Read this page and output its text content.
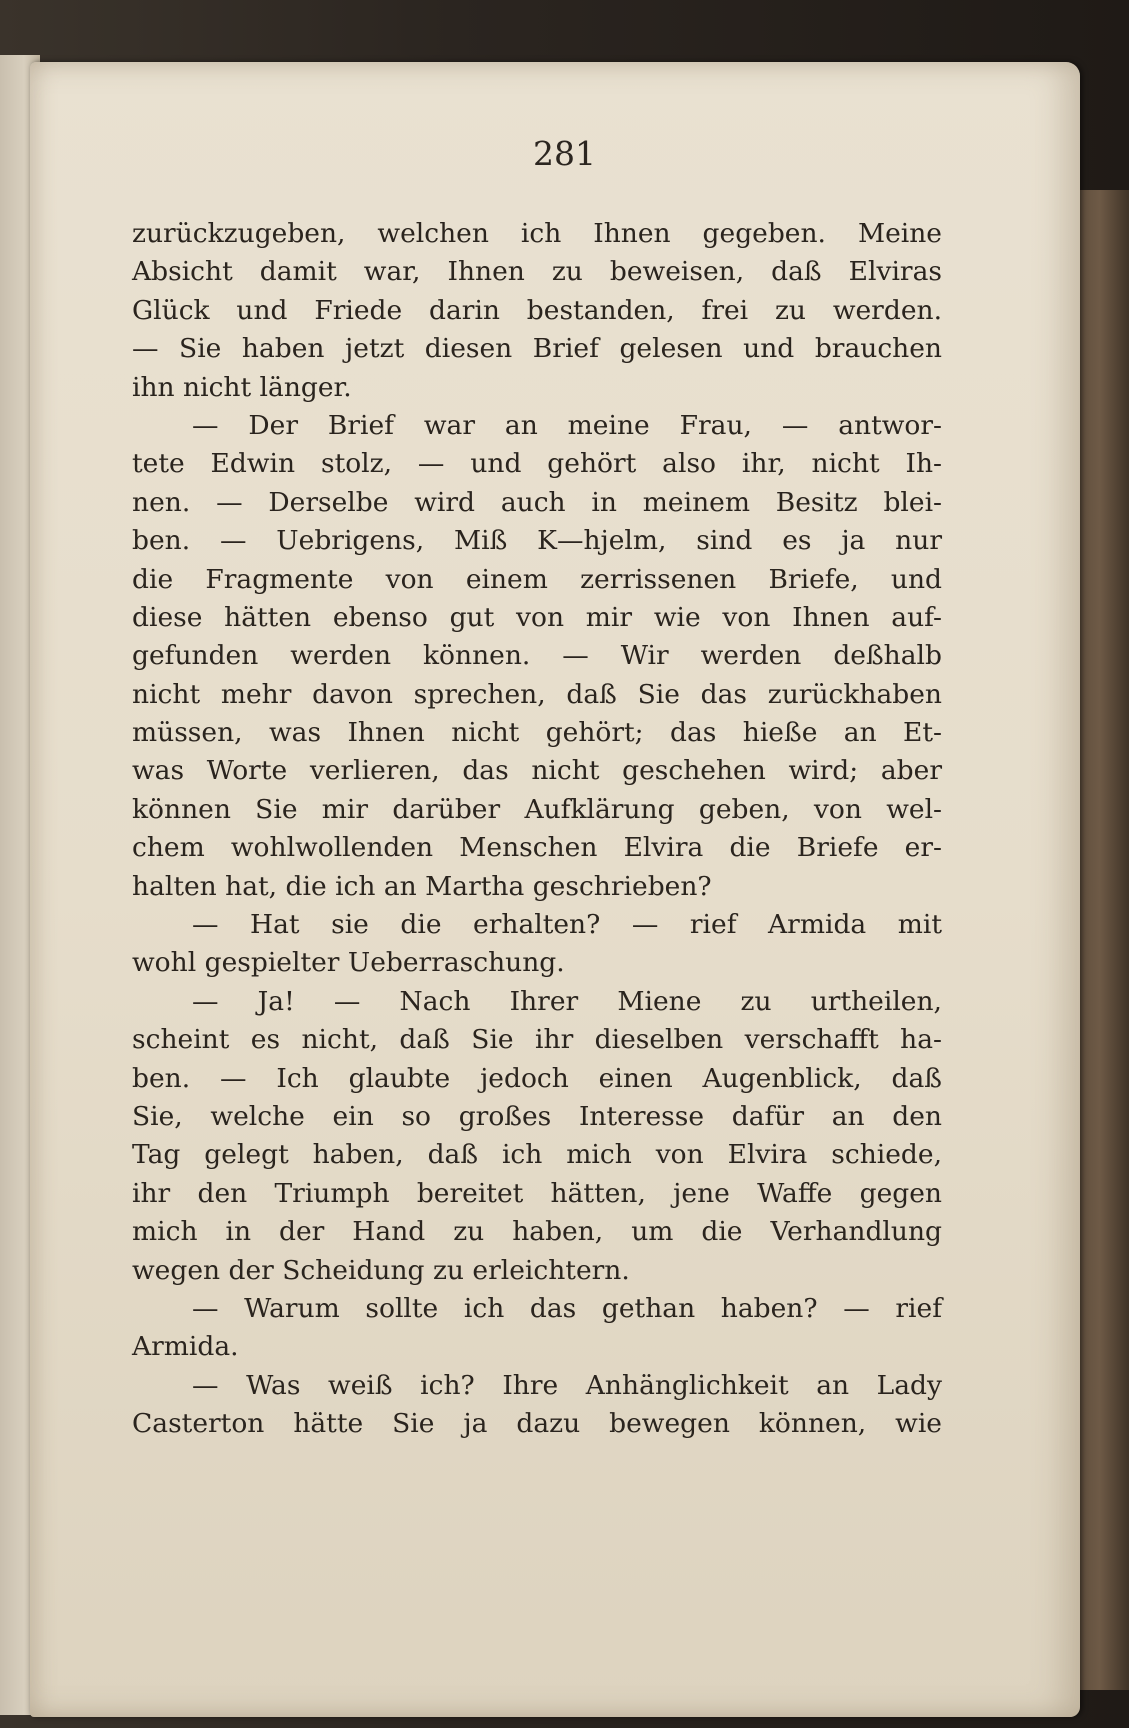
281
zurückzugeben, welchen ich Ihnen gegeben. Meine
Absicht damit war, Ihnen zu beweisen, daß Elviras
Glück und Friede darin bestanden, frei zu werden.
— Sie haben jetzt diesen Brief gelesen und brauchen
ihn nicht länger.
— Der Brief war an meine Frau, — antwor-
tete Edwin stolz, — und gehört also ihr, nicht Ih-
nen. — Derselbe wird auch in meinem Besitz blei-
ben. — Uebrigens, Miß K—hjelm, sind es ja nur
die Fragmente von einem zerrissenen Briefe, und
diese hätten ebenso gut von mir wie von Ihnen auf-
gefunden werden können. — Wir werden deßhalb
nicht mehr davon sprechen, daß Sie das zurückhaben
müssen, was Ihnen nicht gehört; das hieße an Et-
was Worte verlieren, das nicht geschehen wird; aber
können Sie mir darüber Aufklärung geben, von wel-
chem wohlwollenden Menschen Elvira die Briefe er-
halten hat, die ich an Martha geschrieben?
— Hat sie die erhalten? — rief Armida mit
wohl gespielter Ueberraschung.
— Ja! — Nach Ihrer Miene zu urtheilen,
scheint es nicht, daß Sie ihr dieselben verschafft ha-
ben. — Ich glaubte jedoch einen Augenblick, daß
Sie, welche ein so großes Interesse dafür an den
Tag gelegt haben, daß ich mich von Elvira schiede,
ihr den Triumph bereitet hätten, jene Waffe gegen
mich in der Hand zu haben, um die Verhandlung
wegen der Scheidung zu erleichtern.
— Warum sollte ich das gethan haben? — rief
Armida.
— Was weiß ich? Ihre Anhänglichkeit an Lady
Casterton hätte Sie ja dazu bewegen können, wie
